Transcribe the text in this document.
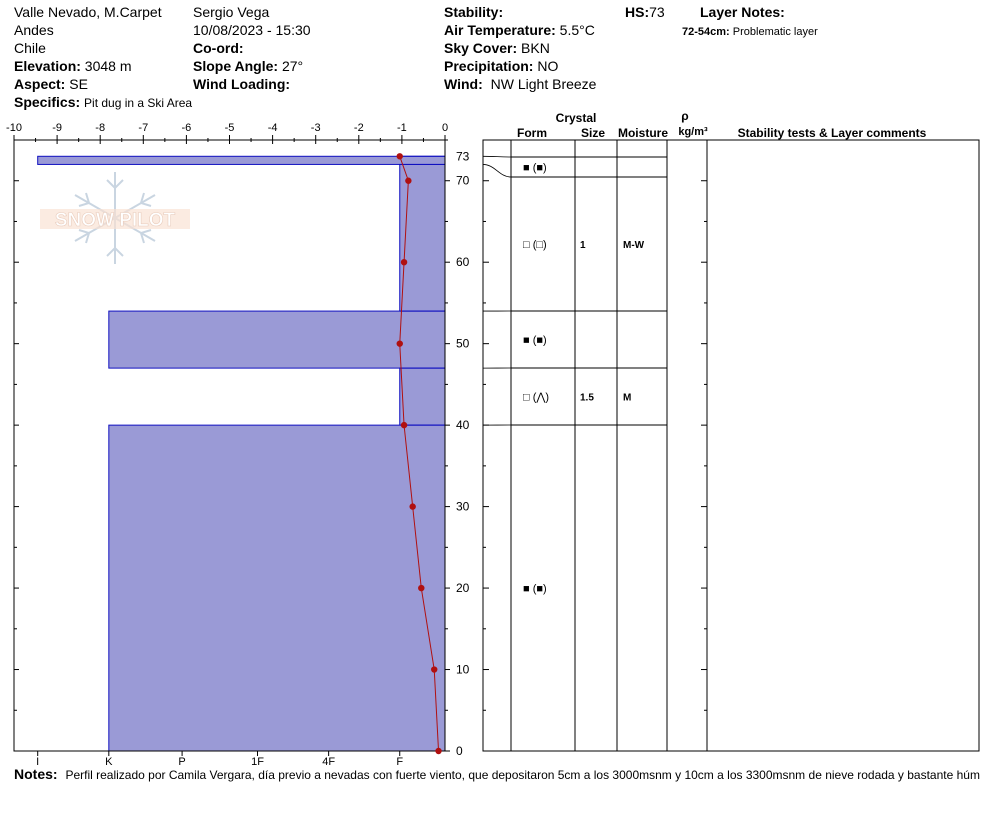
Valle Nevado, M.Carpet
Andes
Chile
Elevation: 3048 m
Aspect: SE
Specifics: Pit dug in a Ski Area
Sergio Vega
10/08/2023 - 15:30
Co-ord:
Slope Angle: 27°
Wind Loading:
Stability:
Air Temperature: 5.5°C
Sky Cover: BKN
Precipitation: NO
Wind: NW Light Breeze
HS:73	Layer Notes:
72-54cm: Problematic layer
Notes: Perfil realizado por Camila Vergara, día previo a nevadas con fuerte viento, que depositaron 5cm a los 3000msnm y 10cm a los 3300msnm de nieve rodada y bastante húm
SNOW PILOT
-10	-9	-8	-7	-6	-5	-4	-3	-2	-1	0
I	K	P	1F	4F	F
0
10
20
30
40
50
60
70
73
Crystal
Form	Size Moisture
ρ
kg/m³ Stability tests & Layer comments
■ (■)
□ (□)	1	M-W
■ (■)
□ (⋀)	1.5	M
■ (■)
